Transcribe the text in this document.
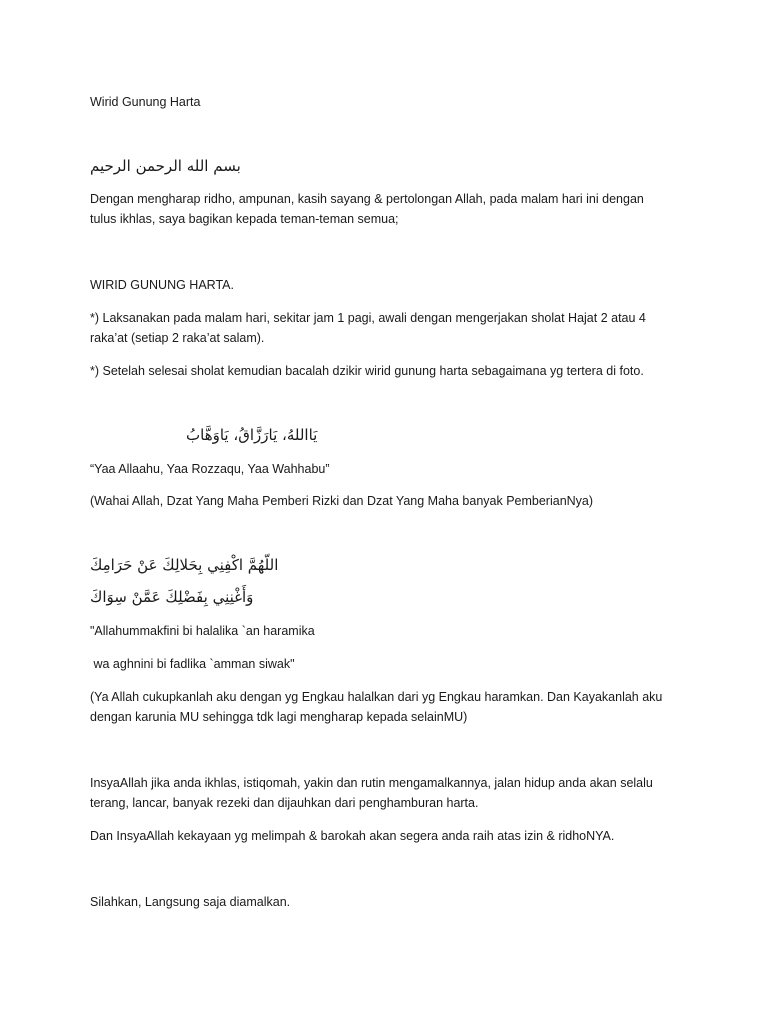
Wirid Gunung Harta

بسم الله الرحمن الرحيم

Dengan mengharap ridho, ampunan, kasih sayang & pertolongan Allah, pada malam hari ini dengan tulus ikhlas, saya bagikan kepada teman-teman semua;

WIRID GUNUNG HARTA.

*) Laksanakan pada malam hari, sekitar jam 1 pagi, awali dengan mengerjakan sholat Hajat 2 atau 4 raka’at (setiap 2 raka’at salam).

*) Setelah selesai sholat kemudian bacalah dzikir wirid gunung harta sebagaimana yg tertera di foto.

يَااللهُ، يَارَزَّاقُ، يَاوَهَّابُ

“Yaa Allaahu, Yaa Rozzaqu, Yaa Wahhabu”

(Wahai Allah, Dzat Yang Maha Pemberi Rizki dan Dzat Yang Maha banyak PemberianNya)

اللّهُمَّ اكْفِنِي بِحَلالِكَ عَنْ حَرَامِكَ

وَأَغْنِنِي بِفَضْلِكَ عَمَّنْ سِوَاكَ

"Allahummakfini bi halalika `an haramika

wa aghnini bi fadlika `amman siwak"

(Ya Allah cukupkanlah aku dengan yg Engkau halalkan dari yg Engkau haramkan. Dan Kayakanlah aku dengan karunia MU sehingga tdk lagi mengharap kepada selainMU)

InsyaAllah jika anda ikhlas, istiqomah, yakin dan rutin mengamalkannya, jalan hidup anda akan selalu terang, lancar, banyak rezeki dan dijauhkan dari penghamburan harta.

Dan InsyaAllah kekayaan yg melimpah & barokah akan segera anda raih atas izin & ridhoNYA.

Silahkan, Langsung saja diamalkan.
